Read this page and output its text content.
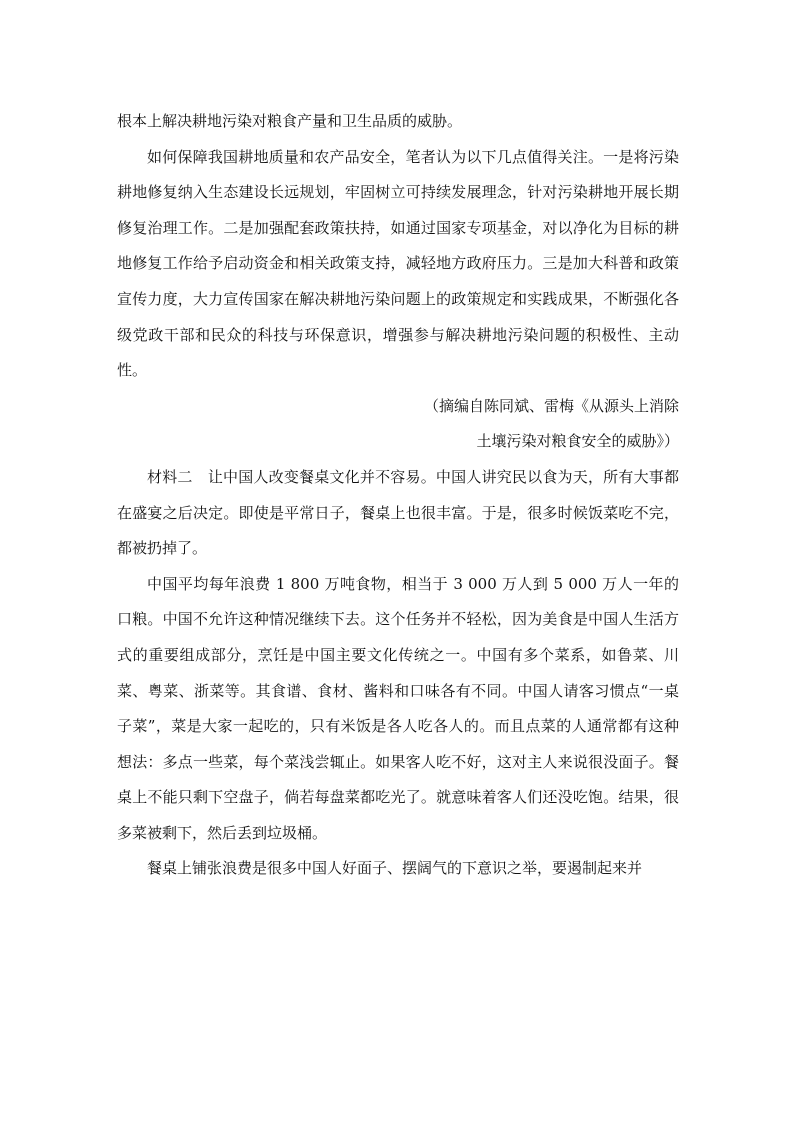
根本上解决耕地污染对粮食产量和卫生品质的威胁。

如何保障我国耕地质量和农产品安全，笔者认为以下几点值得关注。一是将污染耕地修复纳入生态建设长远规划，牢固树立可持续发展理念，针对污染耕地开展长期修复治理工作。二是加强配套政策扶持，如通过国家专项基金，对以净化为目标的耕地修复工作给予启动资金和相关政策支持，减轻地方政府压力。三是加大科普和政策宣传力度，大力宣传国家在解决耕地污染问题上的政策规定和实践成果，不断强化各级党政干部和民众的科技与环保意识，增强参与解决耕地污染问题的积极性、主动性。

（摘编自陈同斌、雷梅《从源头上消除

土壤污染对粮食安全的威胁》）

材料二　让中国人改变餐桌文化并不容易。中国人讲究民以食为天，所有大事都在盛宴之后决定。即使是平常日子，餐桌上也很丰富。于是，很多时候饭菜吃不完，都被扔掉了。

中国平均每年浪费 1 800 万吨食物，相当于 3 000 万人到 5 000 万人一年的口粮。中国不允许这种情况继续下去。这个任务并不轻松，因为美食是中国人生活方式的重要组成部分，烹饪是中国主要文化传统之一。中国有多个菜系，如鲁菜、川菜、粤菜、浙菜等。其食谱、食材、酱料和口味各有不同。中国人请客习惯点“一桌子菜”，菜是大家一起吃的，只有米饭是各人吃各人的。而且点菜的人通常都有这种想法：多点一些菜，每个菜浅尝辄止。如果客人吃不好，这对主人来说很没面子。餐桌上不能只剩下空盘子，倘若每盘菜都吃光了。就意味着客人们还没吃饱。结果，很多菜被剩下，然后丢到垃圾桶。

餐桌上铺张浪费是很多中国人好面子、摆阔气的下意识之举，要遏制起来并
